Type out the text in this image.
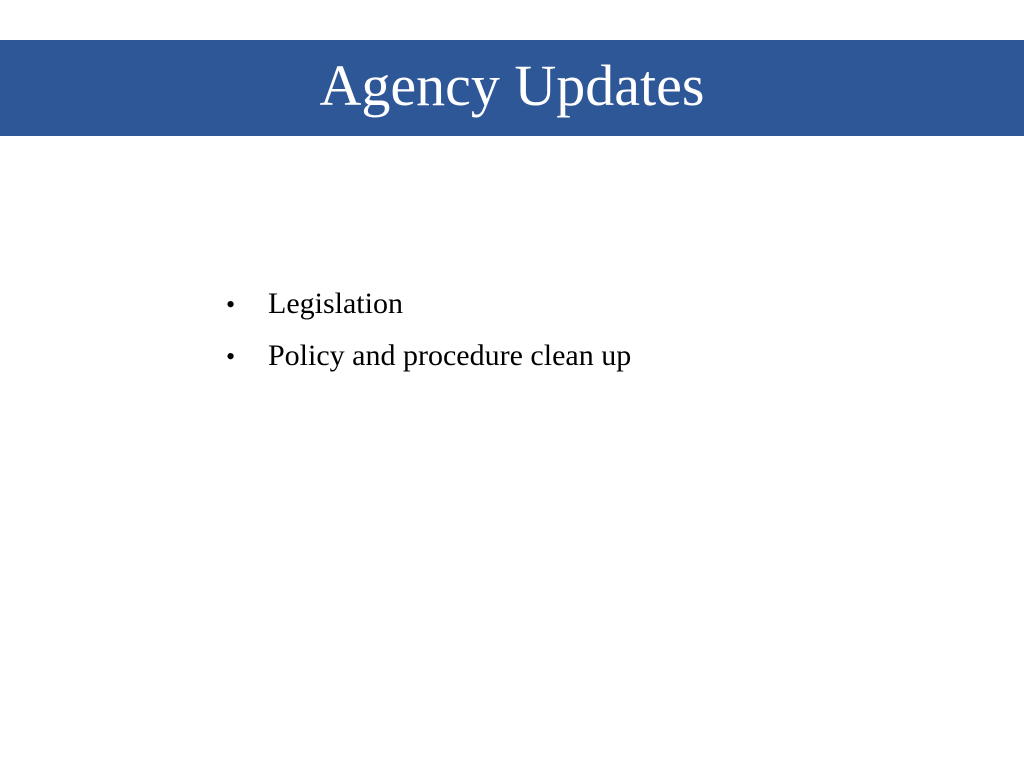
Agency Updates
•	Legislation
•	Policy and procedure clean up
